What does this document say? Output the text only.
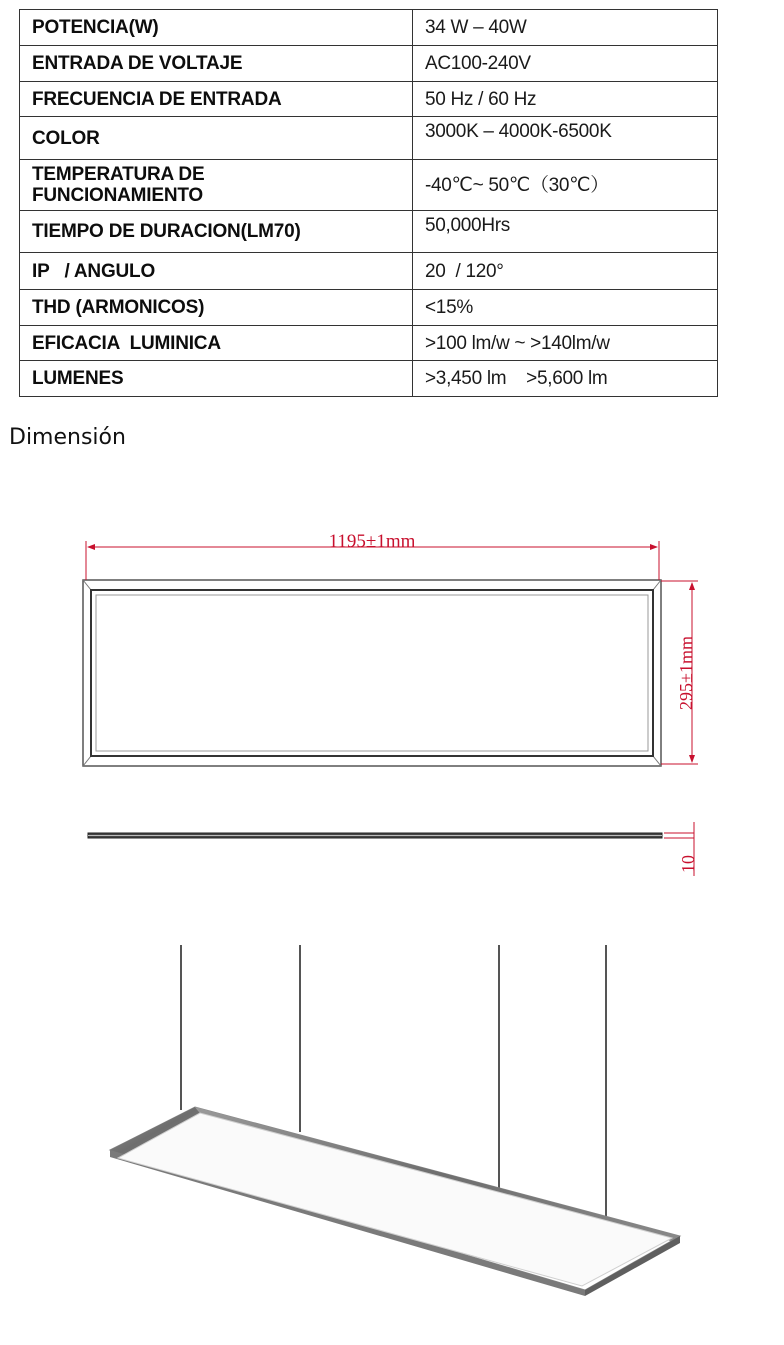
POTENCIA(W)	34 W – 40W
ENTRADA DE VOLTAJE	AC100-240V
FRECUENCIA DE ENTRADA	50 Hz / 60 Hz
COLOR	3000K – 4000K-6500K

TEMPERATURA DE
FUNCIONAMIENTO	-40℃~ 50℃（30℃）
TIEMPO DE DURACION(LM70)	50,000Hrs
IP   / ANGULO	20  / 120°
THD (ARMONICOS)	<15%
EFICACIA  LUMINICA	>100 lm/w ~ >140lm/w
LUMENES	>3,450 lm    >5,600 lm
Dimensión
1195±1mm
295±1mm
10
